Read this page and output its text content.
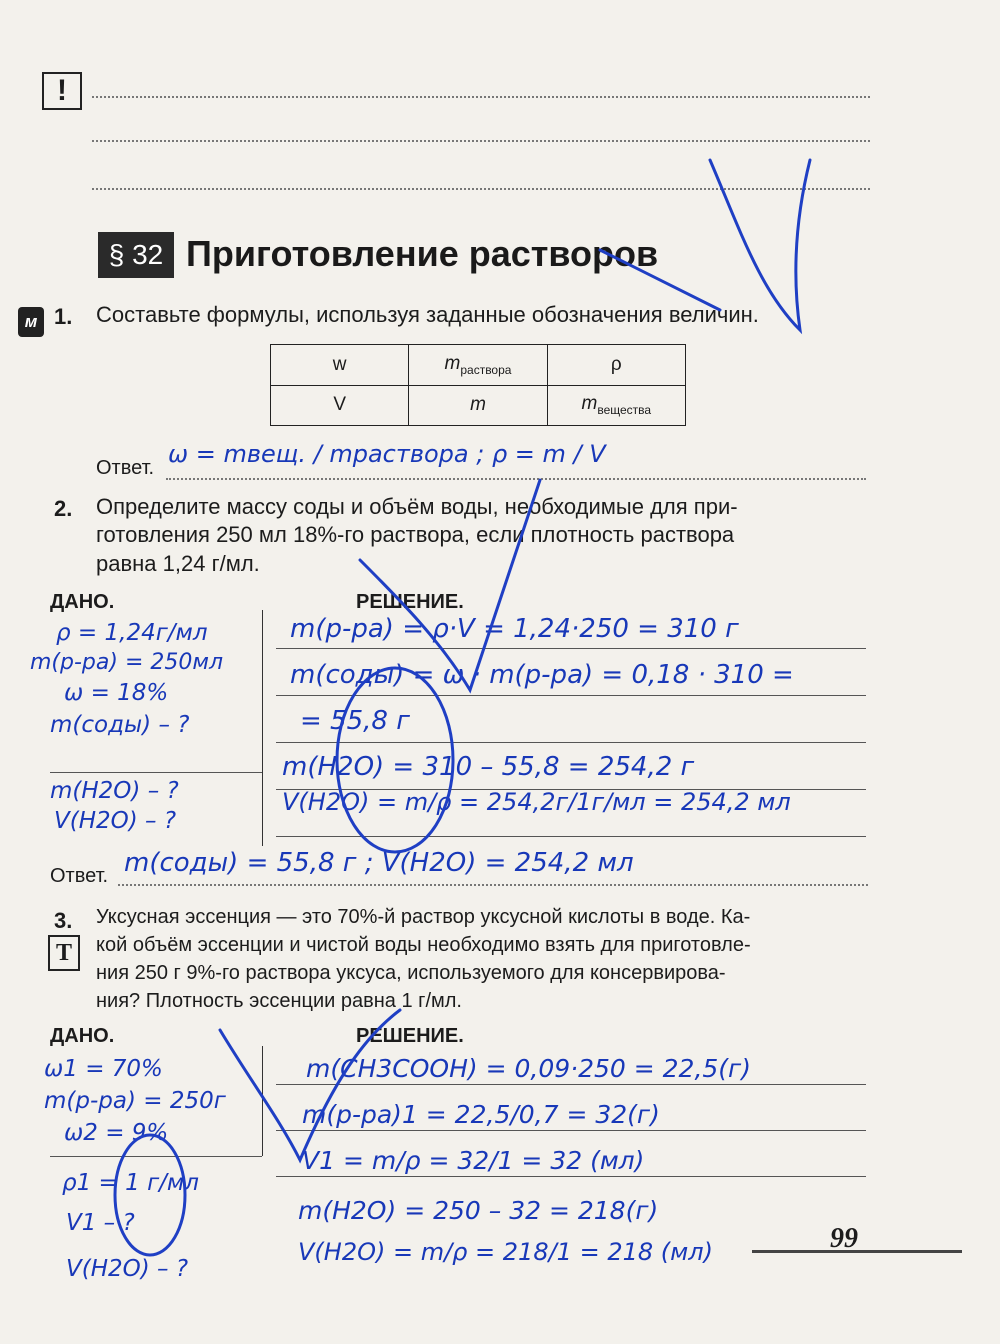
!
§ 32 Приготовление растворов
м 1. Составьте формулы, используя заданные обозначения величин.
w	$m_{раствора}$	ρ
V	m	$m_{вещества}$
Ответ. ω = mвещ. / mраствора ; ρ = m / V
2. Определите массу соды и объём воды, необходимые для при-
готовления 250 мл 18%-го раствора, если плотность раствора
равна 1,24 г/мл.
ДАНО.	РЕШЕНИЕ.
ρ = 1,24г/мл
m(р-ра) = 250мл
ω = 18%
m(соды) – ?
m(H2O) – ?
V(H2O) – ?
m(р-ра) = ρ·V = 1,24·250 = 310 г
m(соды) = ω · m(р-ра) = 0,18 · 310 =
= 55,8 г
m(H2O) = 310 – 55,8 = 254,2 г
V(H2O) = m/ρ = 254,2г/1г/мл = 254,2 мл
Ответ. m(соды) = 55,8 г ; V(H2O) = 254,2 мл
3.
Т
Уксусная эссенция — это 70%-й раствор уксусной кислоты в воде. Ка-
кой объём эссенции и чистой воды необходимо взять для приготовле-
ния 250 г 9%-го раствора уксуса, используемого для консервирова-
ния? Плотность эссенции равна 1 г/мл.
ДАНО.	РЕШЕНИЕ.
ω1 = 70%
m(р-ра) = 250г
ω2 = 9%
ρ1 = 1 г/мл
V1 – ?
V(H2O) – ?
m(CH3COOH) = 0,09·250 = 22,5(г)
m(р-ра)1 = 22,5/0,7 = 32(г)
V1 = m/ρ = 32/1 = 32 (мл)
m(H2O) = 250 – 32 = 218(г)
V(H2O) = m/ρ = 218/1 = 218 (мл)	99
